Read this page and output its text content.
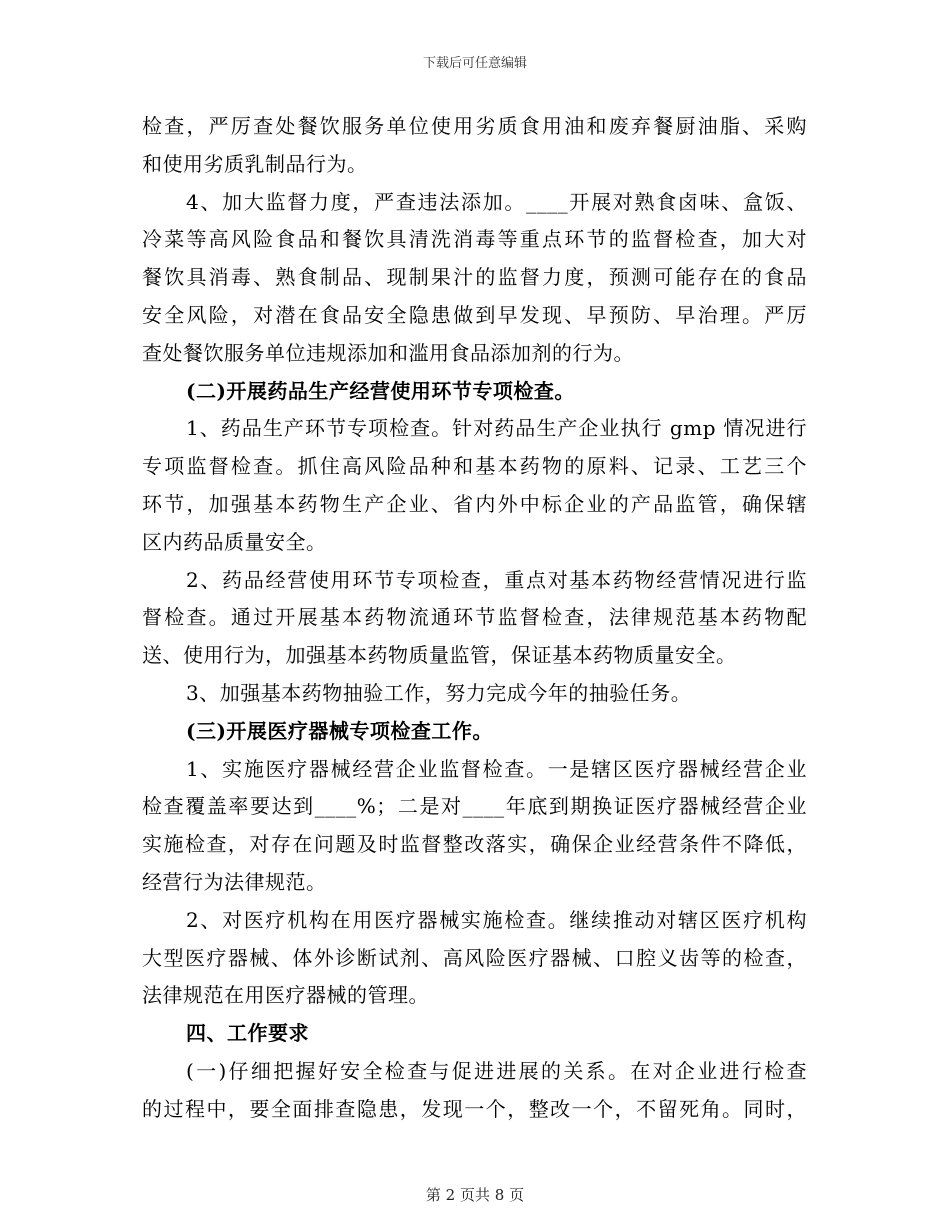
下载后可任意编辑
检查，严厉查处餐饮服务单位使用劣质食用油和废弃餐厨油脂、采购
和使用劣质乳制品行为。
4、加大监督力度，严查违法添加。____开展对熟食卤味、盒饭、
冷菜等高风险食品和餐饮具清洗消毒等重点环节的监督检查，加大对
餐饮具消毒、熟食制品、现制果汁的监督力度，预测可能存在的食品
安全风险，对潜在食品安全隐患做到早发现、早预防、早治理。严厉
查处餐饮服务单位违规添加和滥用食品添加剂的行为。
(二)开展药品生产经营使用环节专项检查。
1、药品生产环节专项检查。针对药品生产企业执行 gmp 情况进行
专项监督检查。抓住高风险品种和基本药物的原料、记录、工艺三个
环节，加强基本药物生产企业、省内外中标企业的产品监管，确保辖
区内药品质量安全。
2、药品经营使用环节专项检查，重点对基本药物经营情况进行监
督检查。通过开展基本药物流通环节监督检查，法律规范基本药物配
送、使用行为，加强基本药物质量监管，保证基本药物质量安全。
3、加强基本药物抽验工作，努力完成今年的抽验任务。
(三)开展医疗器械专项检查工作。
1、实施医疗器械经营企业监督检查。一是辖区医疗器械经营企业
检查覆盖率要达到____%；二是对____年底到期换证医疗器械经营企业
实施检查，对存在问题及时监督整改落实，确保企业经营条件不降低，
经营行为法律规范。
2、对医疗机构在用医疗器械实施检查。继续推动对辖区医疗机构
大型医疗器械、体外诊断试剂、高风险医疗器械、口腔义齿等的检查，
法律规范在用医疗器械的管理。
四、工作要求
(一)仔细把握好安全检查与促进进展的关系。在对企业进行检查
的过程中，要全面排查隐患，发现一个，整改一个，不留死角。同时，
第 2 页共 8 页
